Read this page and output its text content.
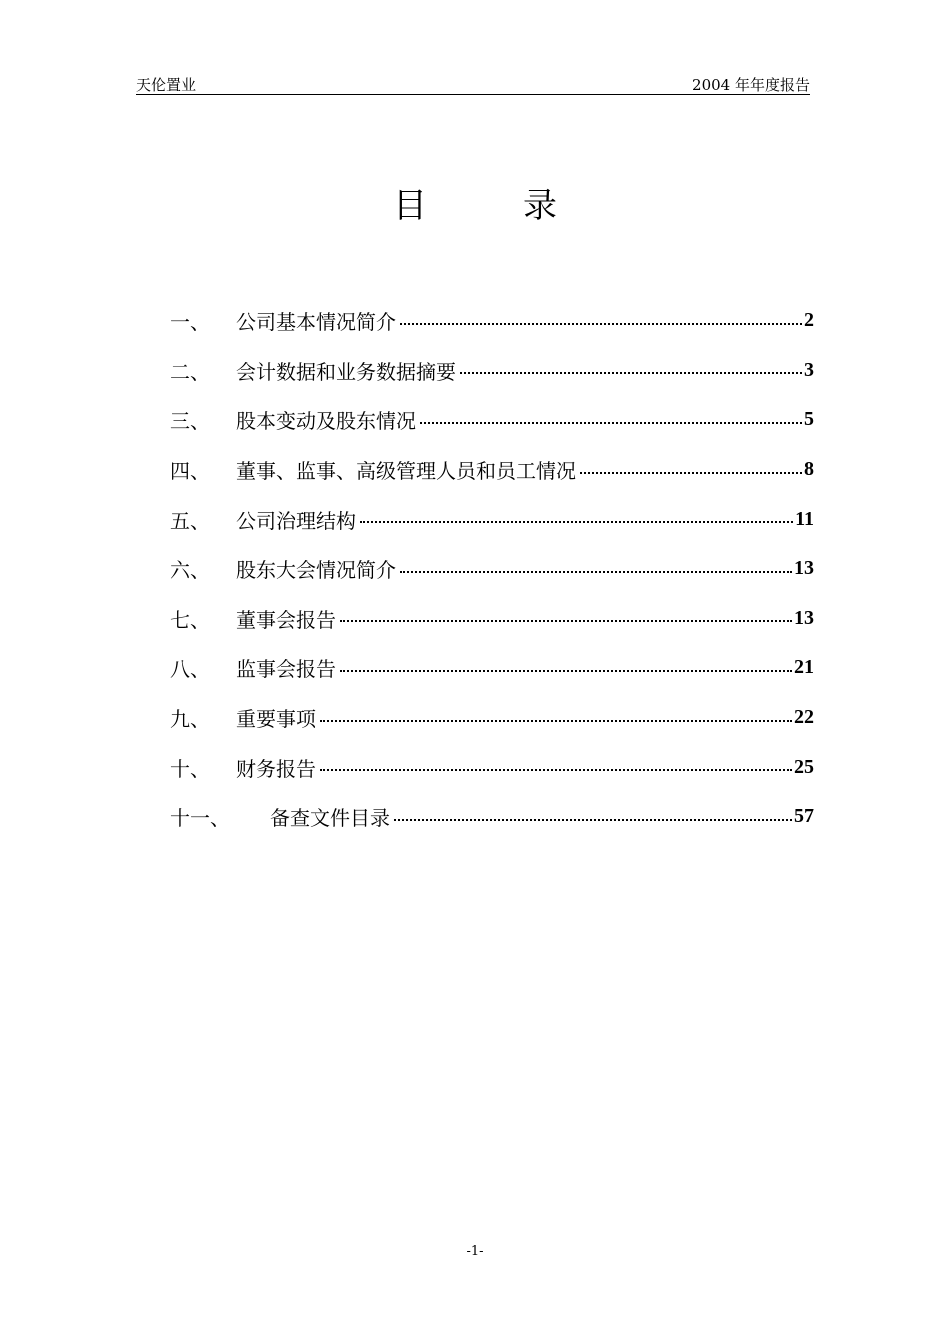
天伦置业	2004 年年度报告
目	录
一、	公司基本情况简介	2
二、	会计数据和业务数据摘要	3
三、	股本变动及股东情况	5
四、	董事、监事、高级管理人员和员工情况	8
五、	公司治理结构	11
六、	股东大会情况简介	13
七、	董事会报告	13
八、	监事会报告	21
九、	重要事项	22
十、	财务报告	25
十一、	备查文件目录	57
-1-
